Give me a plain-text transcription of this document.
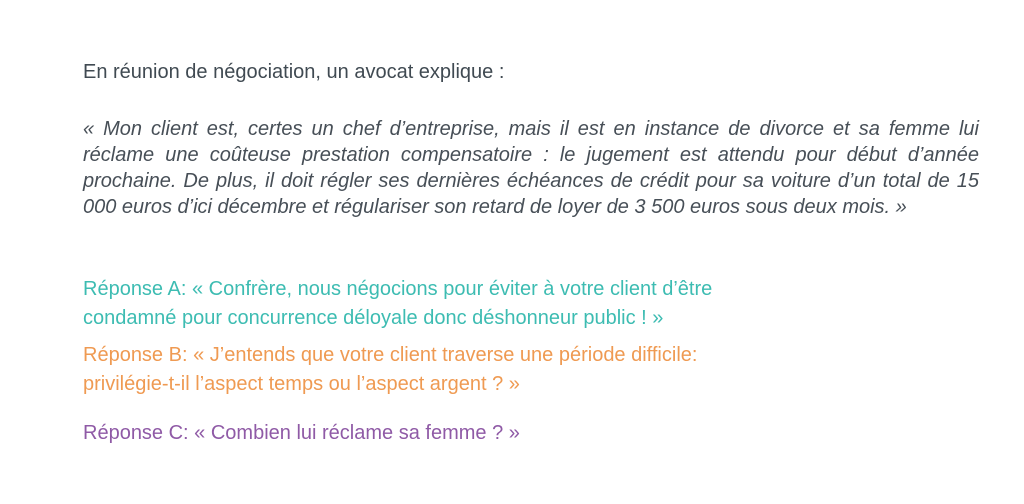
En réunion de négociation, un avocat explique :
« Mon client est, certes un chef d’entreprise, mais il est en instance de divorce et sa femme lui réclame une coûteuse prestation compensatoire : le jugement est attendu pour début d’année prochaine. De plus, il doit régler ses dernières échéances de crédit pour sa voiture d’un total de 15 000 euros d’ici décembre et régulariser son retard de loyer de 3 500 euros sous deux mois. »
Réponse A: « Confrère, nous négocions pour éviter à votre client d’être
condamné pour concurrence déloyale donc déshonneur public ! »
Réponse B: « J’entends que votre client traverse une période difficile:
privilégie-t-il l’aspect temps ou l’aspect argent ? »
Réponse C: « Combien lui réclame sa femme ? »
